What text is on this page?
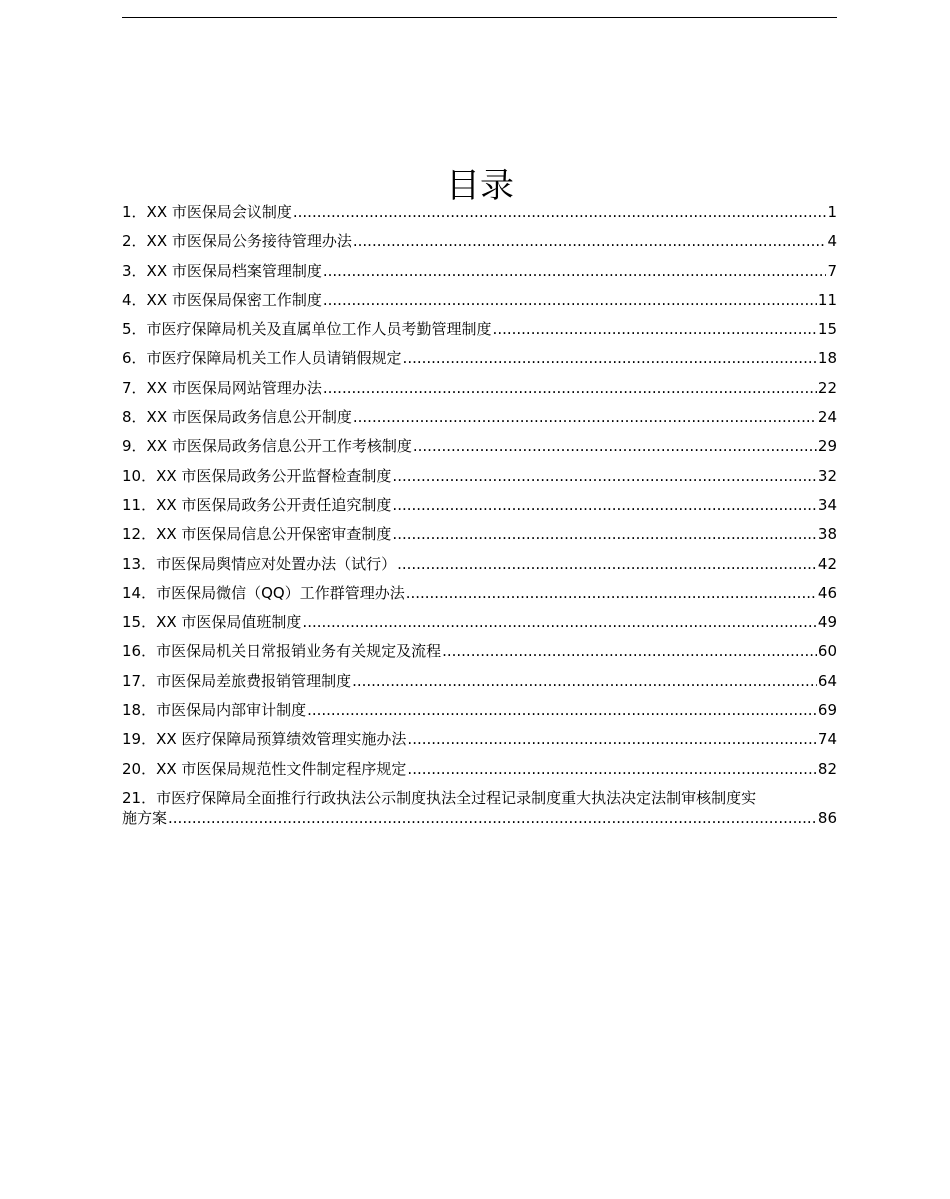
目录
1．XX 市医保局会议制度 .....	1
2．XX 市医保局公务接待管理办法 .....	4
3．XX 市医保局档案管理制度 .....	7
4．XX 市医保局保密工作制度 .....	11
5．市医疗保障局机关及直属单位工作人员考勤管理制度 .....	15
6．市医疗保障局机关工作人员请销假规定 .....	18
7．XX 市医保局网站管理办法 .....	22
8．XX 市医保局政务信息公开制度 .....	24
9．XX 市医保局政务信息公开工作考核制度 .....	29
10．XX 市医保局政务公开监督检查制度 .....	32
11．XX 市医保局政务公开责任追究制度 .....	34
12．XX 市医保局信息公开保密审查制度 .....	38
13．市医保局舆情应对处置办法（试行） .....	42
14．市医保局微信（QQ）工作群管理办法 .....	46
15．XX 市医保局值班制度 .....	49
16．市医保局机关日常报销业务有关规定及流程 .....	60
17．市医保局差旅费报销管理制度 .....	64
18．市医保局内部审计制度 .....	69
19．XX 医疗保障局预算绩效管理实施办法 .....	74
20．XX 市医保局规范性文件制定程序规定 .....	82
21．市医疗保障局全面推行行政执法公示制度执法全过程记录制度重大执法决定法制审核制度实
施方案 .....	86
